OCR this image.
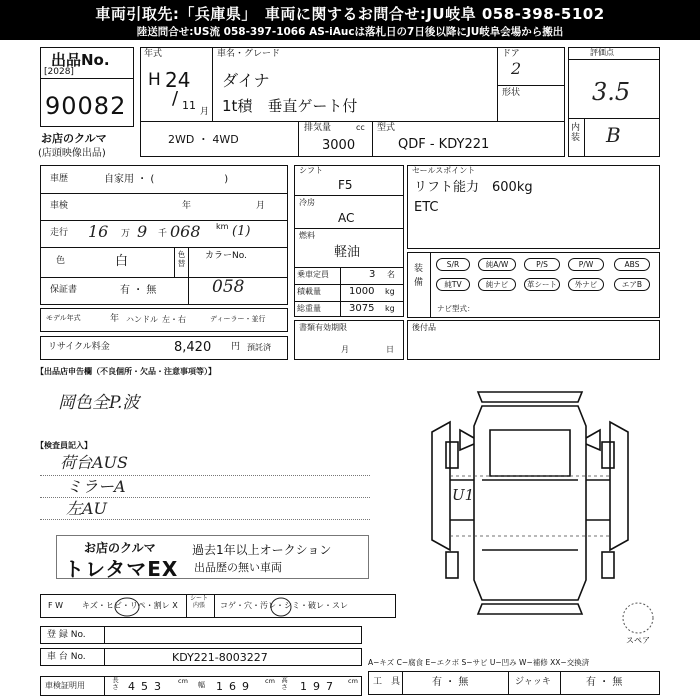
車両引取先:「兵庫県」　車両に関するお問合せ:JU岐阜 058-398-5102
陸送問合せ:US流 058-397-1066 AS-iAucは落札日の7日後以降にJU岐阜会場から搬出
出品No.
[2028]
90082
お店のクルマ
(店頭映像出品)
年式
H 24
/ 11 月
車名・グレード
ダイナ
1t積　垂直ゲート付
ドア
2
形状
2WD ・ 4WD
排気量	cc
3000
型式
QDF - KDY221
評価点
3.5
内装 B
車歴	自家用 ・ (　　　　　　　)
車検	年	月
走行 16 万 9 千 068 km (1)
色	白	色替
カラーNo.
058
保証書	有 ・ 無
モデル年式	年 ハンドル 左・右	ディーラー・並行
リサイクル料金	8,420 円 預託済
シフト
F5
冷房
AC
燃料
軽油
乗車定員	3 名
積載量	1000 kg
総重量	3075 kg
書類有効期限
月	日
セールスポイント
リフト能力　600kg
ETC
装備
S/R	純A/W	P/S	P/W	ABS
純TV	純ナビ	革シート	外ナビ	エアB
ナビ型式：
後付品
【出品店申告欄（不良個所・欠品・注意事項等）】
岡色全P.波
【検査員記入】
荷台AUS
ミラーA
左AU
お店のクルマ
トレタマEX
過去1年以上オークション
出品歴の無い車両
F W キズ・ヒビ・リペ・割レ X
シート内張	コゲ・穴・汚レ・シミ・破レ・スレ
登 録 No.
車 台 No.	KDY221-8003227
車検証明用
長さ 453 cm 幅 169 cm 高さ 197 cm
U1
スペア
A−キズ C−腐食 E−エクボ S−サビ U−凹み W−補修 XX−交換済
工　具	有 ・ 無	ジャッキ	有 ・ 無
